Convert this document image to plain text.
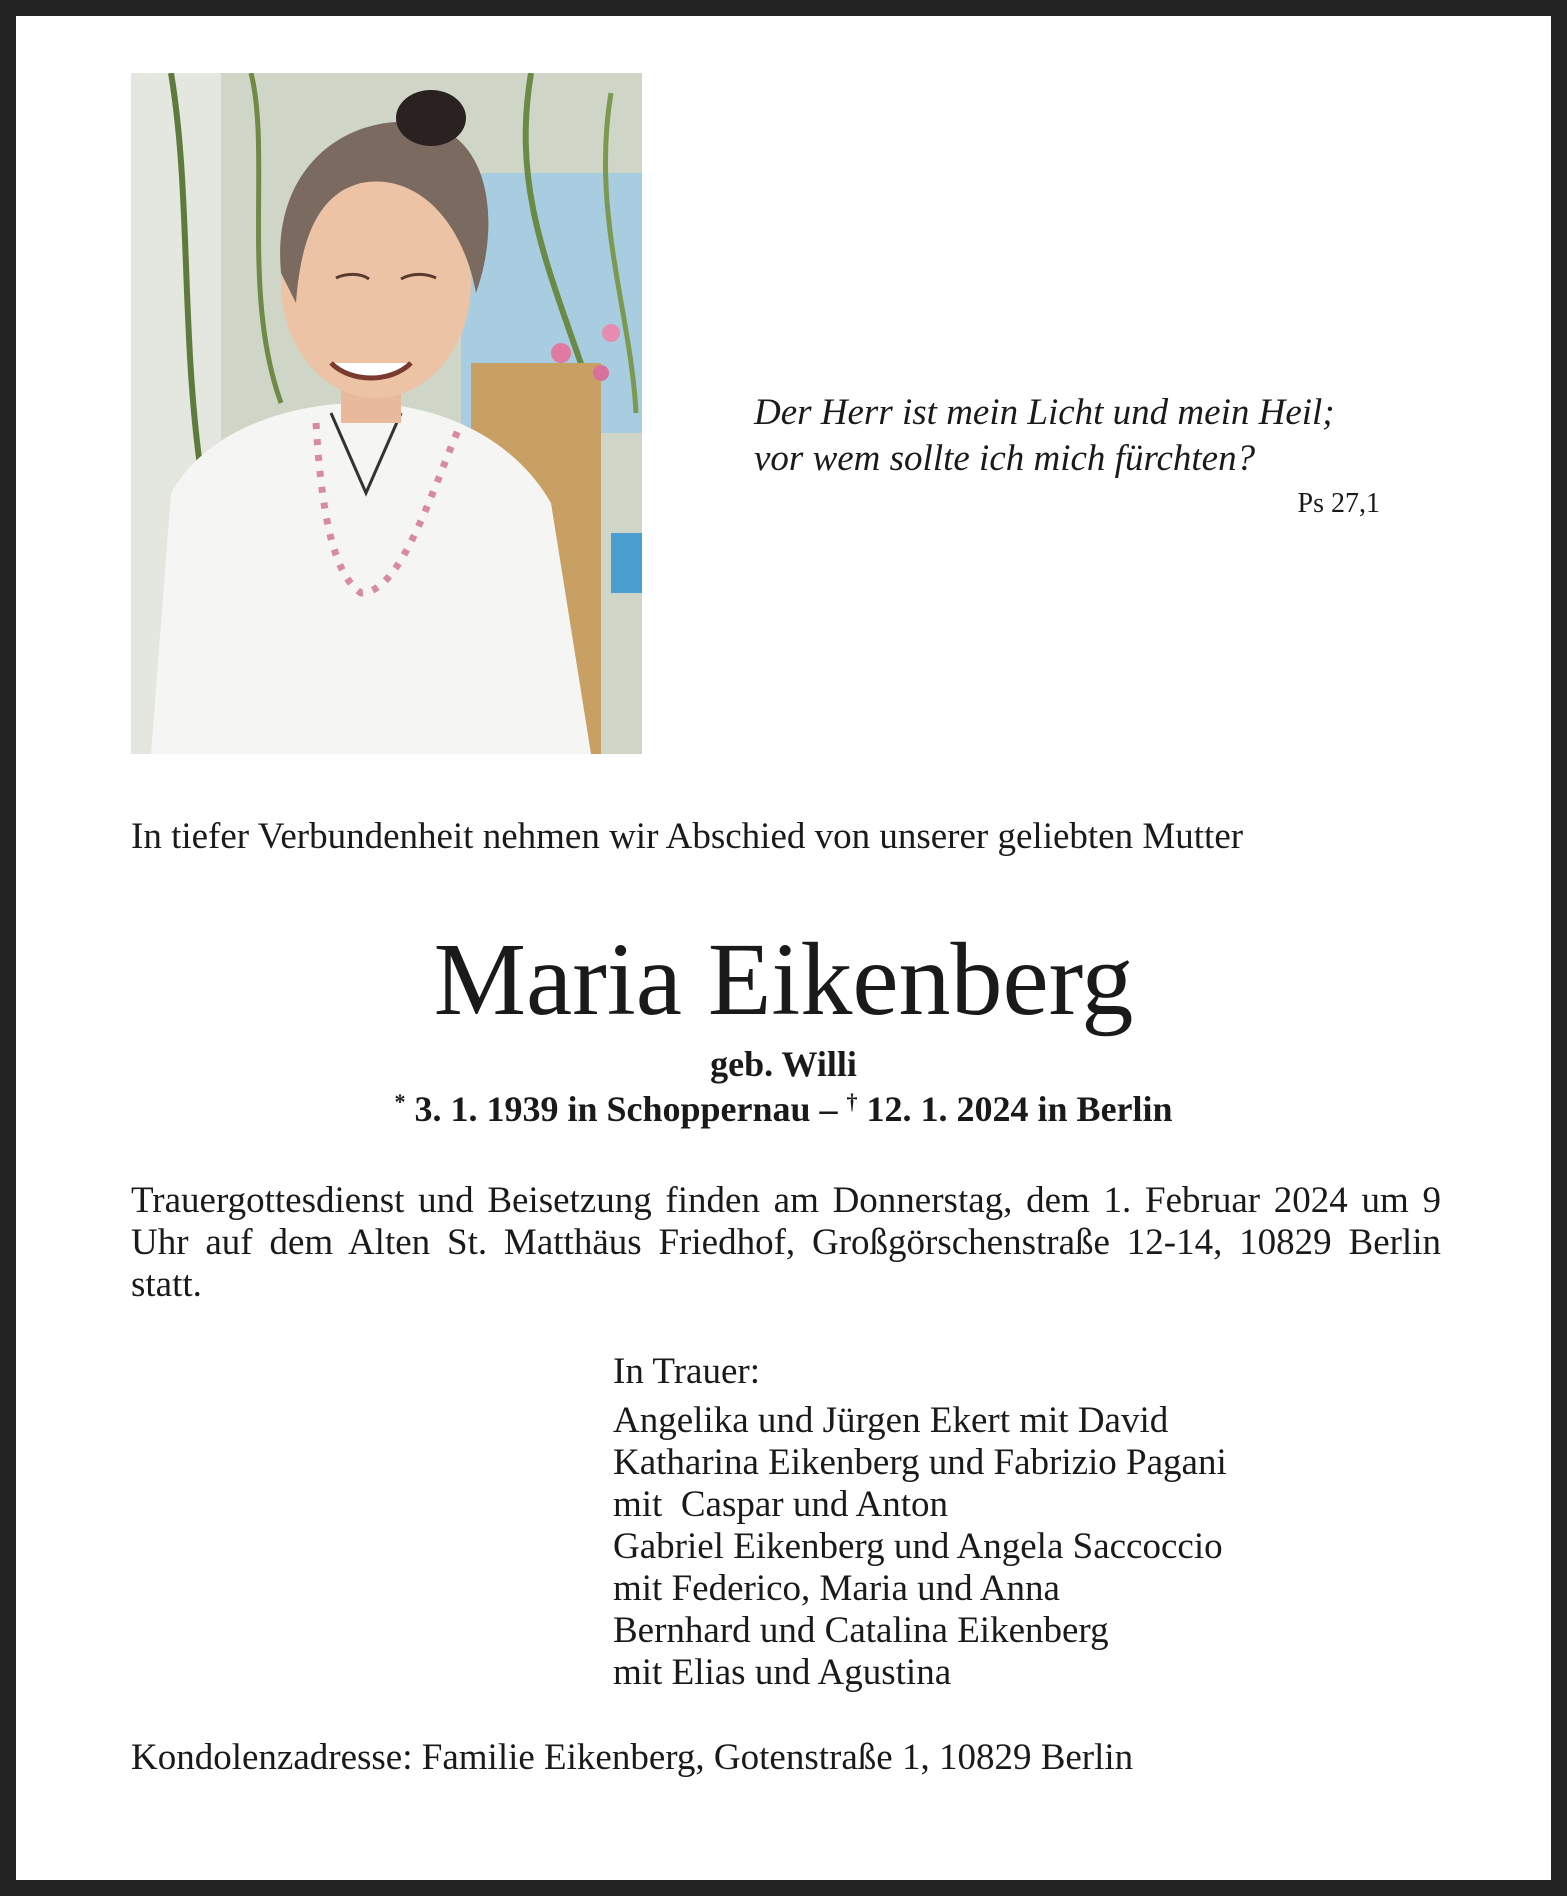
Der Herr ist mein Licht und mein Heil;
vor wem sollte ich mich fürchten?
Ps 27,1
In tiefer Verbundenheit nehmen wir Abschied von unserer geliebten Mutter
Maria Eikenberg
geb. Willi
* 3. 1. 1939 in Schoppernau – † 12. 1. 2024 in Berlin
Trauergottesdienst und Beisetzung finden am Donnerstag, dem 1. Februar 2024 um 9 Uhr auf dem Alten St. Matthäus Friedhof, Großgörschenstraße 12-14, 10829 Berlin statt.
In Trauer:
Angelika und Jürgen Ekert mit David
Katharina Eikenberg und Fabrizio Pagani
mit  Caspar und Anton
Gabriel Eikenberg und Angela Saccoccio
mit Federico, Maria und Anna
Bernhard und Catalina Eikenberg
mit Elias und Agustina
Kondolenzadresse: Familie Eikenberg, Gotenstraße 1, 10829 Berlin
